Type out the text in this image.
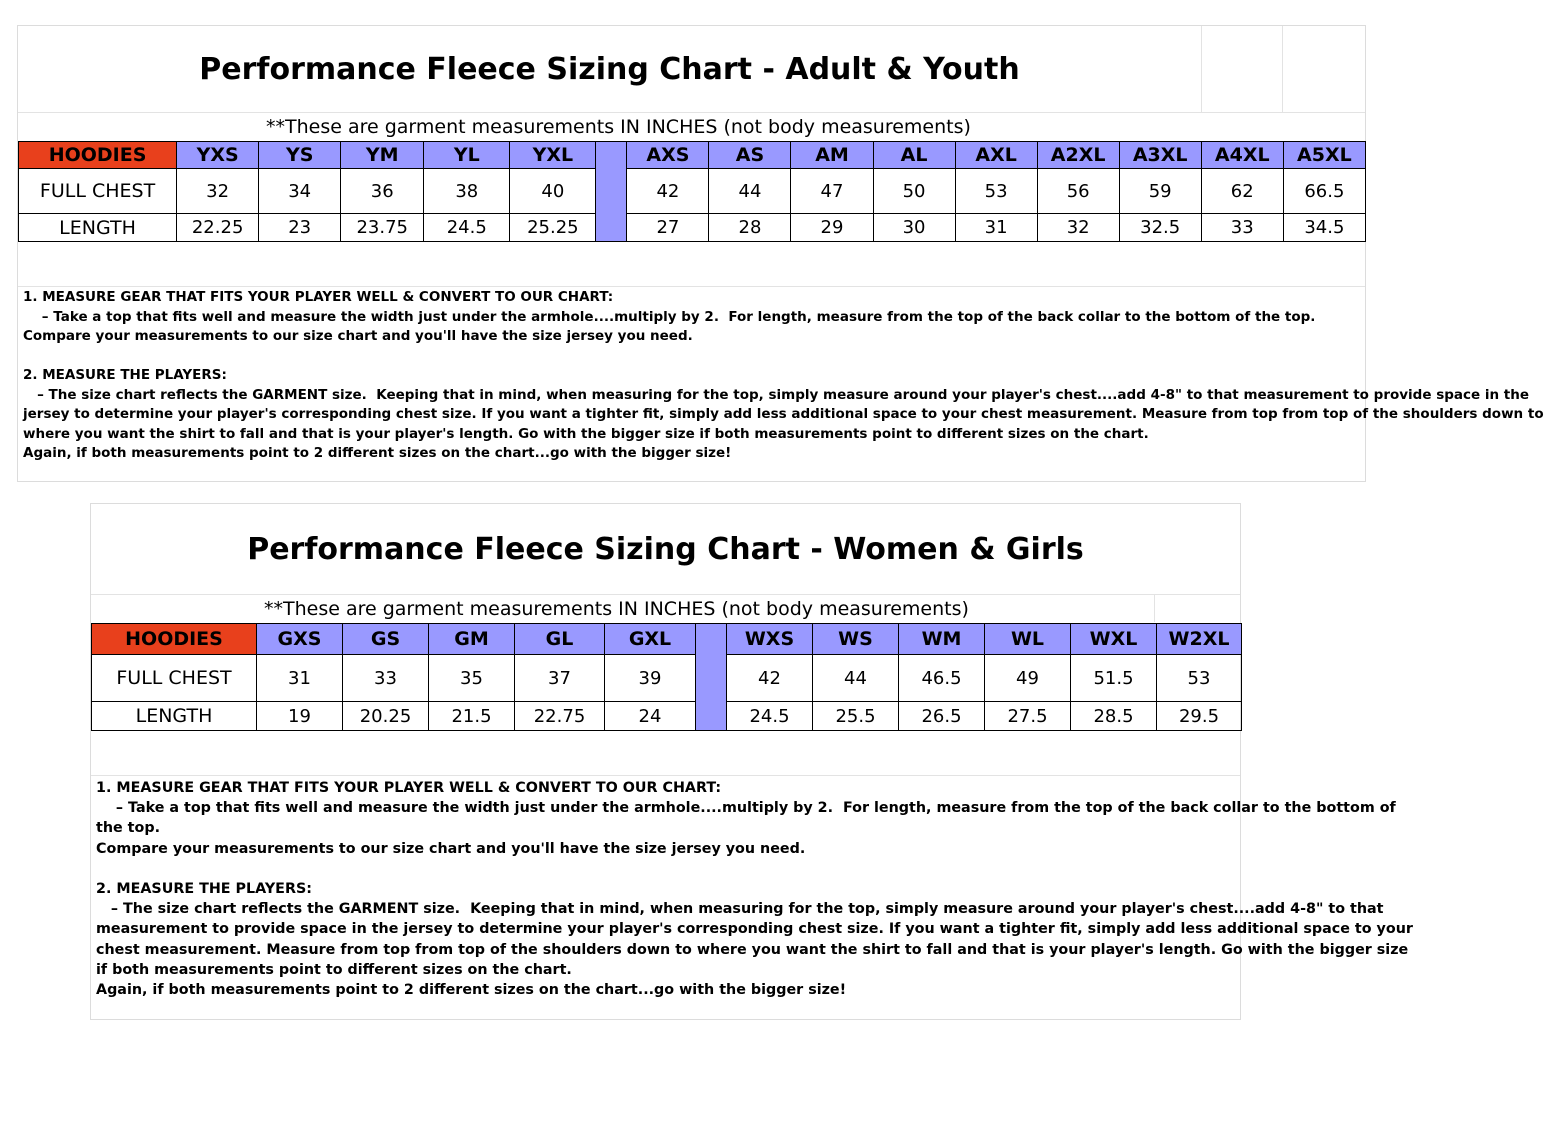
Performance Fleece Sizing Chart - Adult & Youth
**These are garment measurements IN INCHES (not body measurements)
HOODIES	YXS	YS	YM	YL	YXL		AXS	AS	AM	AL	AXL	A2XL	A3XL	A4XL	A5XL
FULL CHEST	32	34	36	38	40		42	44	47	50	53	56	59	62	66.5
LENGTH	22.25	23	23.75	24.5	25.25		27	28	29	30	31	32	32.5	33	34.5
1. MEASURE GEAR THAT FITS YOUR PLAYER WELL & CONVERT TO OUR CHART:
– Take a top that fits well and measure the width just under the armhole....multiply by 2.  For length, measure from the top of the back collar to the bottom of the top.
Compare your measurements to our size chart and you'll have the size jersey you need.
2. MEASURE THE PLAYERS:
– The size chart reflects the GARMENT size.  Keeping that in mind, when measuring for the top, simply measure around your player's chest....add 4-8" to that measurement to provide space in the
jersey to determine your player's corresponding chest size. If you want a tighter fit, simply add less additional space to your chest measurement. Measure from top from top of the shoulders down to
where you want the shirt to fall and that is your player's length. Go with the bigger size if both measurements point to different sizes on the chart.
Again, if both measurements point to 2 different sizes on the chart...go with the bigger size!
Performance Fleece Sizing Chart - Women & Girls
**These are garment measurements IN INCHES (not body measurements)
HOODIES	GXS	GS	GM	GL	GXL		WXS	WS	WM	WL	WXL	W2XL
FULL CHEST	31	33	35	37	39		42	44	46.5	49	51.5	53
LENGTH	19	20.25	21.5	22.75	24		24.5	25.5	26.5	27.5	28.5	29.5
1. MEASURE GEAR THAT FITS YOUR PLAYER WELL & CONVERT TO OUR CHART:
– Take a top that fits well and measure the width just under the armhole....multiply by 2.  For length, measure from the top of the back collar to the bottom of
the top.
Compare your measurements to our size chart and you'll have the size jersey you need.
2. MEASURE THE PLAYERS:
– The size chart reflects the GARMENT size.  Keeping that in mind, when measuring for the top, simply measure around your player's chest....add 4-8" to that
measurement to provide space in the jersey to determine your player's corresponding chest size. If you want a tighter fit, simply add less additional space to your
chest measurement. Measure from top from top of the shoulders down to where you want the shirt to fall and that is your player's length. Go with the bigger size
if both measurements point to different sizes on the chart.
Again, if both measurements point to 2 different sizes on the chart...go with the bigger size!
